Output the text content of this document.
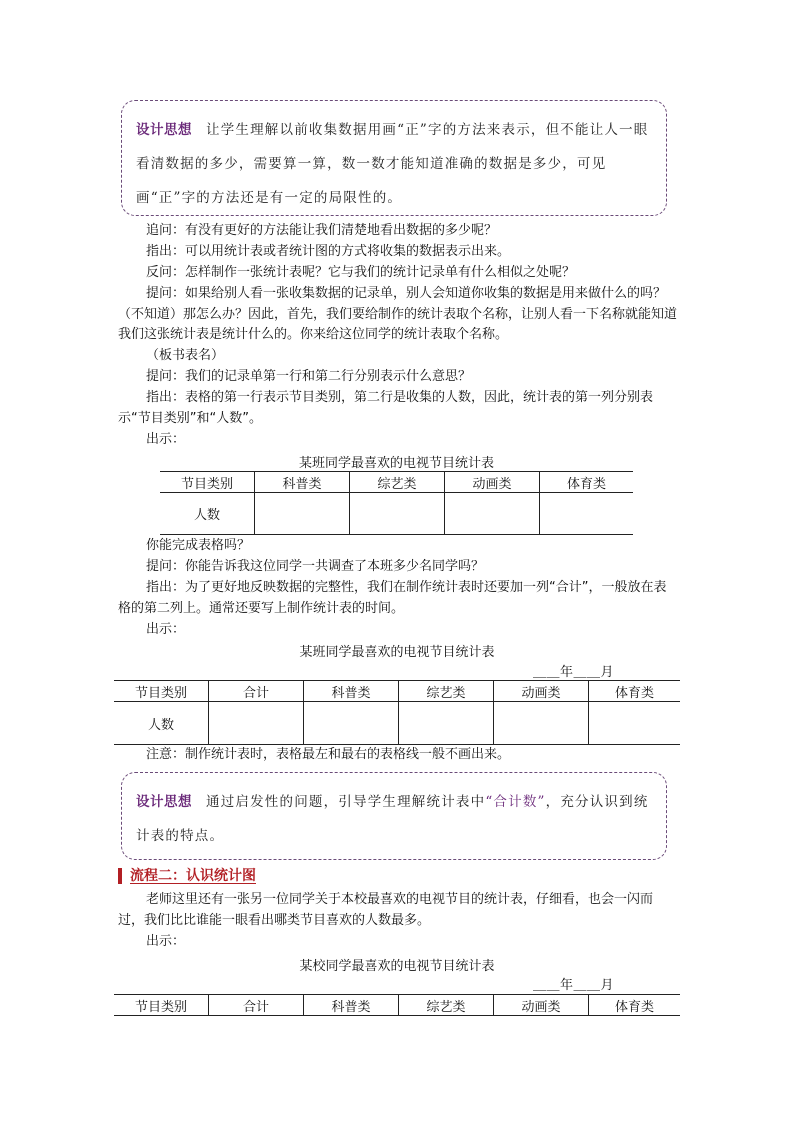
设计思想 让学生理解以前收集数据用画“正”字的方法来表示，但不能让人一眼看清数据的多少，需要算一算，数一数才能知道准确的数据是多少，可见画“正”字的方法还是有一定的局限性的。
追问：有没有更好的方法能让我们清楚地看出数据的多少呢？
指出：可以用统计表或者统计图的方式将收集的数据表示出来。
反问：怎样制作一张统计表呢？它与我们的统计记录单有什么相似之处呢？
提问：如果给别人看一张收集数据的记录单，别人会知道你收集的数据是用来做什么的吗？（不知道）那怎么办？因此，首先，我们要给制作的统计表取个名称，让别人看一下名称就能知道我们这张统计表是统计什么的。你来给这位同学的统计表取个名称。
（板书表名）
提问：我们的记录单第一行和第二行分别表示什么意思？
指出：表格的第一行表示节目类别，第二行是收集的人数，因此，统计表的第一列分别表示“节目类别”和“人数”。
出示：
某班同学最喜欢的电视节目统计表
节目类别	科普类	综艺类	动画类	体育类
人数				
你能完成表格吗？
提问：你能告诉我这位同学一共调查了本班多少名同学吗？
指出：为了更好地反映数据的完整性，我们在制作统计表时还要加一列“合计”，一般放在表格的第二列上。通常还要写上制作统计表的时间。
出示：
某班同学最喜欢的电视节目统计表
＿＿年＿＿月
节目类别	合计	科普类	综艺类	动画类	体育类
人数					
注意：制作统计表时，表格最左和最右的表格线一般不画出来。
设计思想 通过启发性的问题，引导学生理解统计表中“合计数”，充分认识到统计表的特点。
流程二：认识统计图
老师这里还有一张另一位同学关于本校最喜欢的电视节目的统计表，仔细看，也会一闪而过，我们比比谁能一眼看出哪类节目喜欢的人数最多。
出示：
某校同学最喜欢的电视节目统计表
＿＿年＿＿月
节目类别	合计	科普类	综艺类	动画类	体育类
